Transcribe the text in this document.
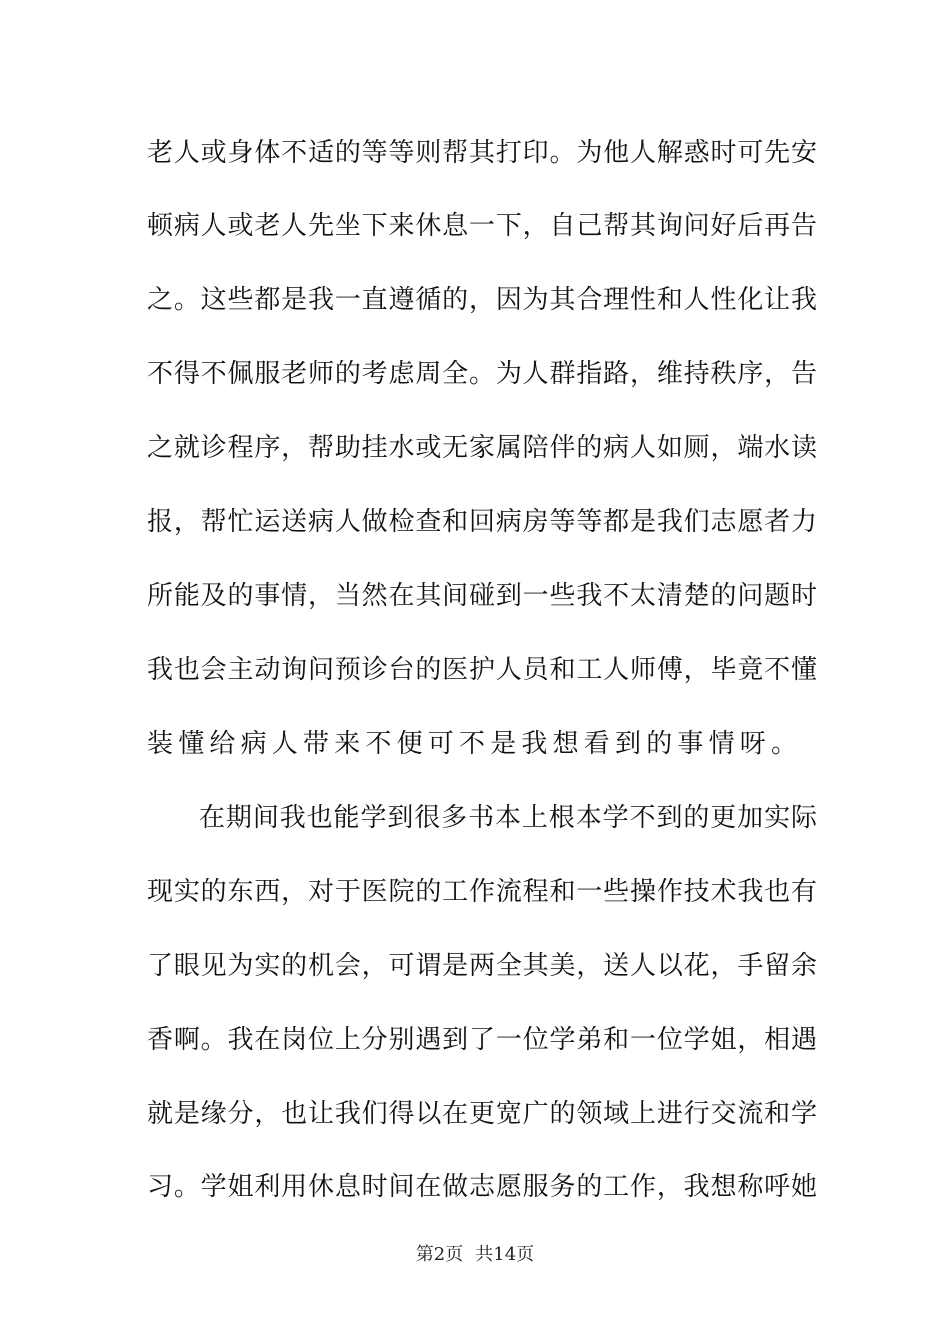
老人或身体不适的等等则帮其打印。为他人解惑时可先安
顿病人或老人先坐下来休息一下，自己帮其询问好后再告
之。这些都是我一直遵循的，因为其合理性和人性化让我
不得不佩服老师的考虑周全。为人群指路，维持秩序，告
之就诊程序，帮助挂水或无家属陪伴的病人如厕，端水读
报，帮忙运送病人做检查和回病房等等都是我们志愿者力
所能及的事情，当然在其间碰到一些我不太清楚的问题时
我也会主动询问预诊台的医护人员和工人师傅，毕竟不懂
装懂给病人带来不便可不是我想看到的事情呀。
在期间我也能学到很多书本上根本学不到的更加实际
现实的东西，对于医院的工作流程和一些操作技术我也有
了眼见为实的机会，可谓是两全其美，送人以花，手留余
香啊。我在岗位上分别遇到了一位学弟和一位学姐，相遇
就是缘分，也让我们得以在更宽广的领域上进行交流和学
习。学姐利用休息时间在做志愿服务的工作，我想称呼她
第2页 共14页
